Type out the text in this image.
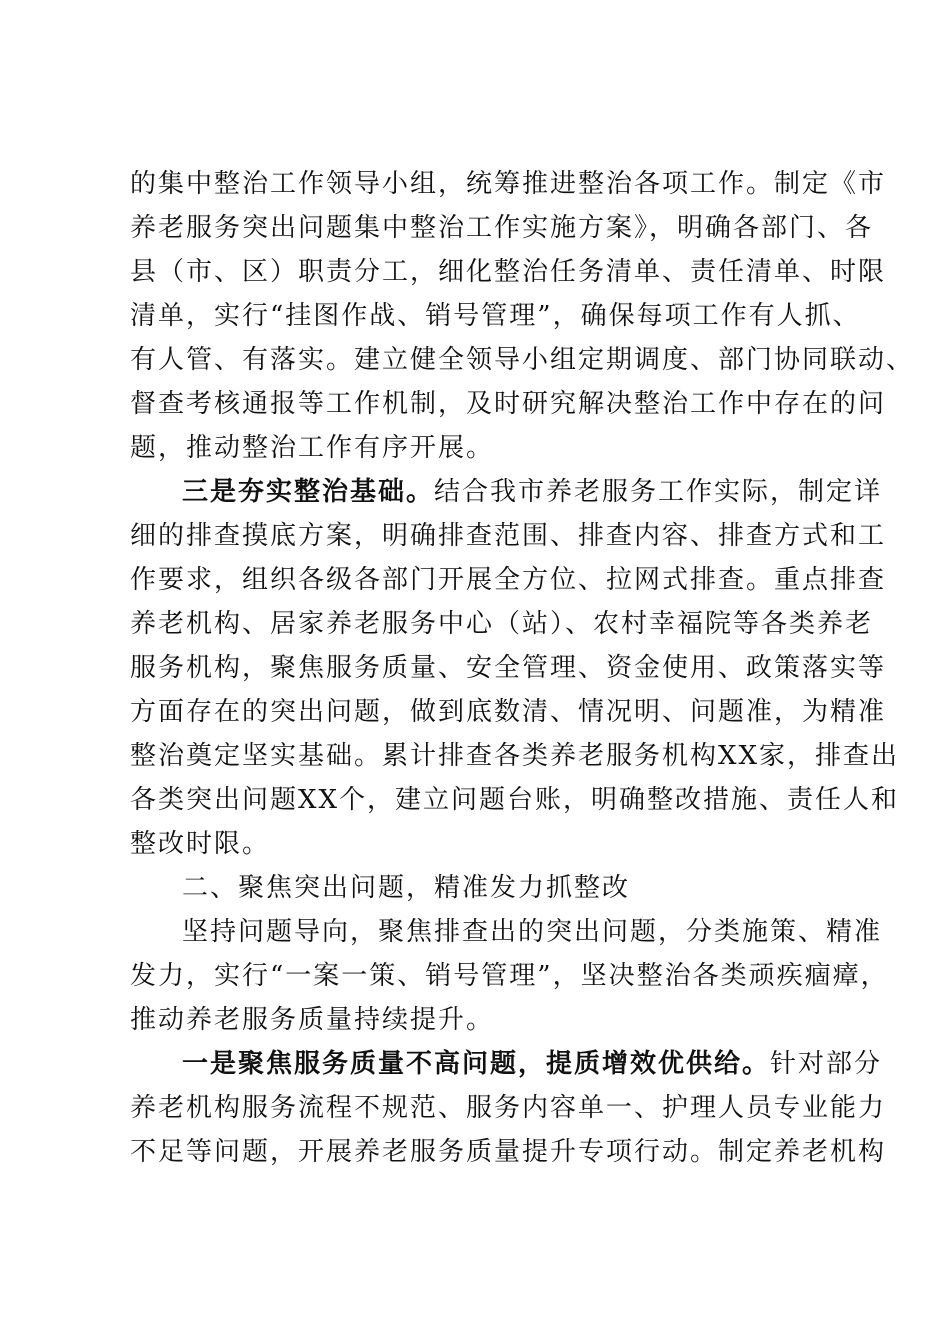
的集中整治工作领导小组，统筹推进整治各项工作。制定《市
养老服务突出问题集中整治工作实施方案》，明确各部门、各
县（市、区）职责分工，细化整治任务清单、责任清单、时限
清单，实行“挂图作战、销号管理”，确保每项工作有人抓、
有人管、有落实。建立健全领导小组定期调度、部门协同联动、
督查考核通报等工作机制，及时研究解决整治工作中存在的问
题，推动整治工作有序开展。
三是夯实整治基础。结合我市养老服务工作实际，制定详
细的排查摸底方案，明确排查范围、排查内容、排查方式和工
作要求，组织各级各部门开展全方位、拉网式排查。重点排查
养老机构、居家养老服务中心（站）、农村幸福院等各类养老
服务机构，聚焦服务质量、安全管理、资金使用、政策落实等
方面存在的突出问题，做到底数清、情况明、问题准，为精准
整治奠定坚实基础。累计排查各类养老服务机构XX家，排查出
各类突出问题XX个，建立问题台账，明确整改措施、责任人和
整改时限。
二、聚焦突出问题，精准发力抓整改
坚持问题导向，聚焦排查出的突出问题，分类施策、精准
发力，实行“一案一策、销号管理”，坚决整治各类顽疾痼瘴，
推动养老服务质量持续提升。
一是聚焦服务质量不高问题，提质增效优供给。针对部分
养老机构服务流程不规范、服务内容单一、护理人员专业能力
不足等问题，开展养老服务质量提升专项行动。制定养老机构
